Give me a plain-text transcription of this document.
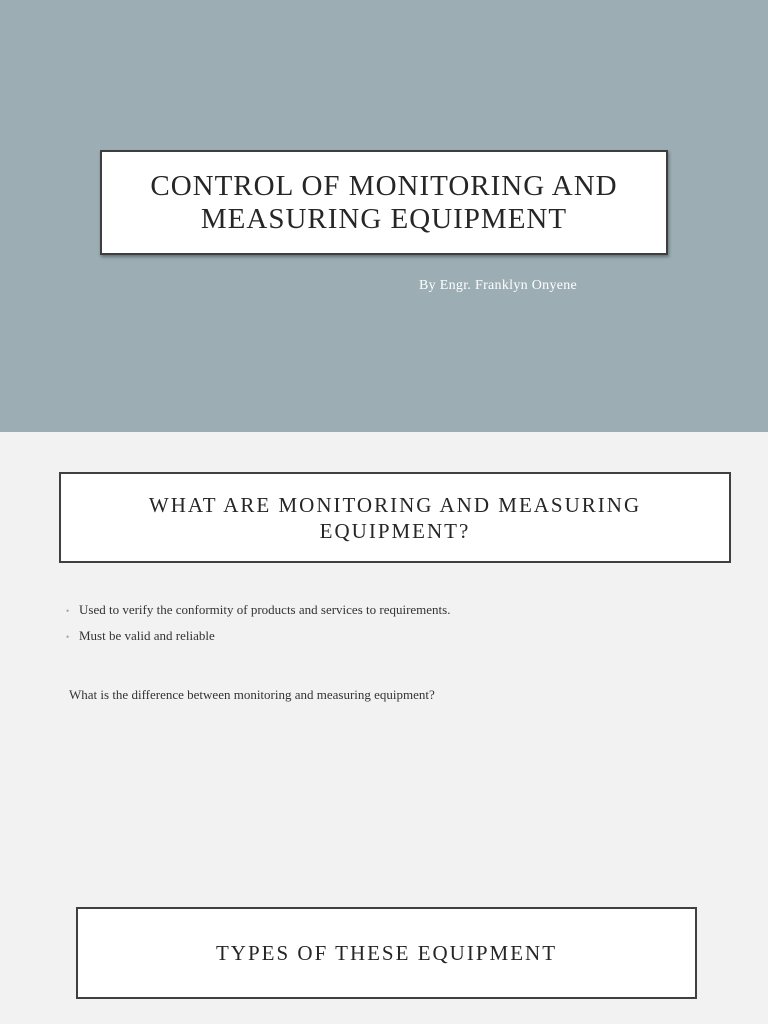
CONTROL OF MONITORING AND MEASURING EQUIPMENT
By Engr. Franklyn Onyene
WHAT ARE MONITORING AND MEASURING EQUIPMENT?
• Used to verify the conformity of products and services to requirements.
• Must be valid and reliable
What is the difference between monitoring and measuring equipment?
TYPES OF THESE EQUIPMENT
